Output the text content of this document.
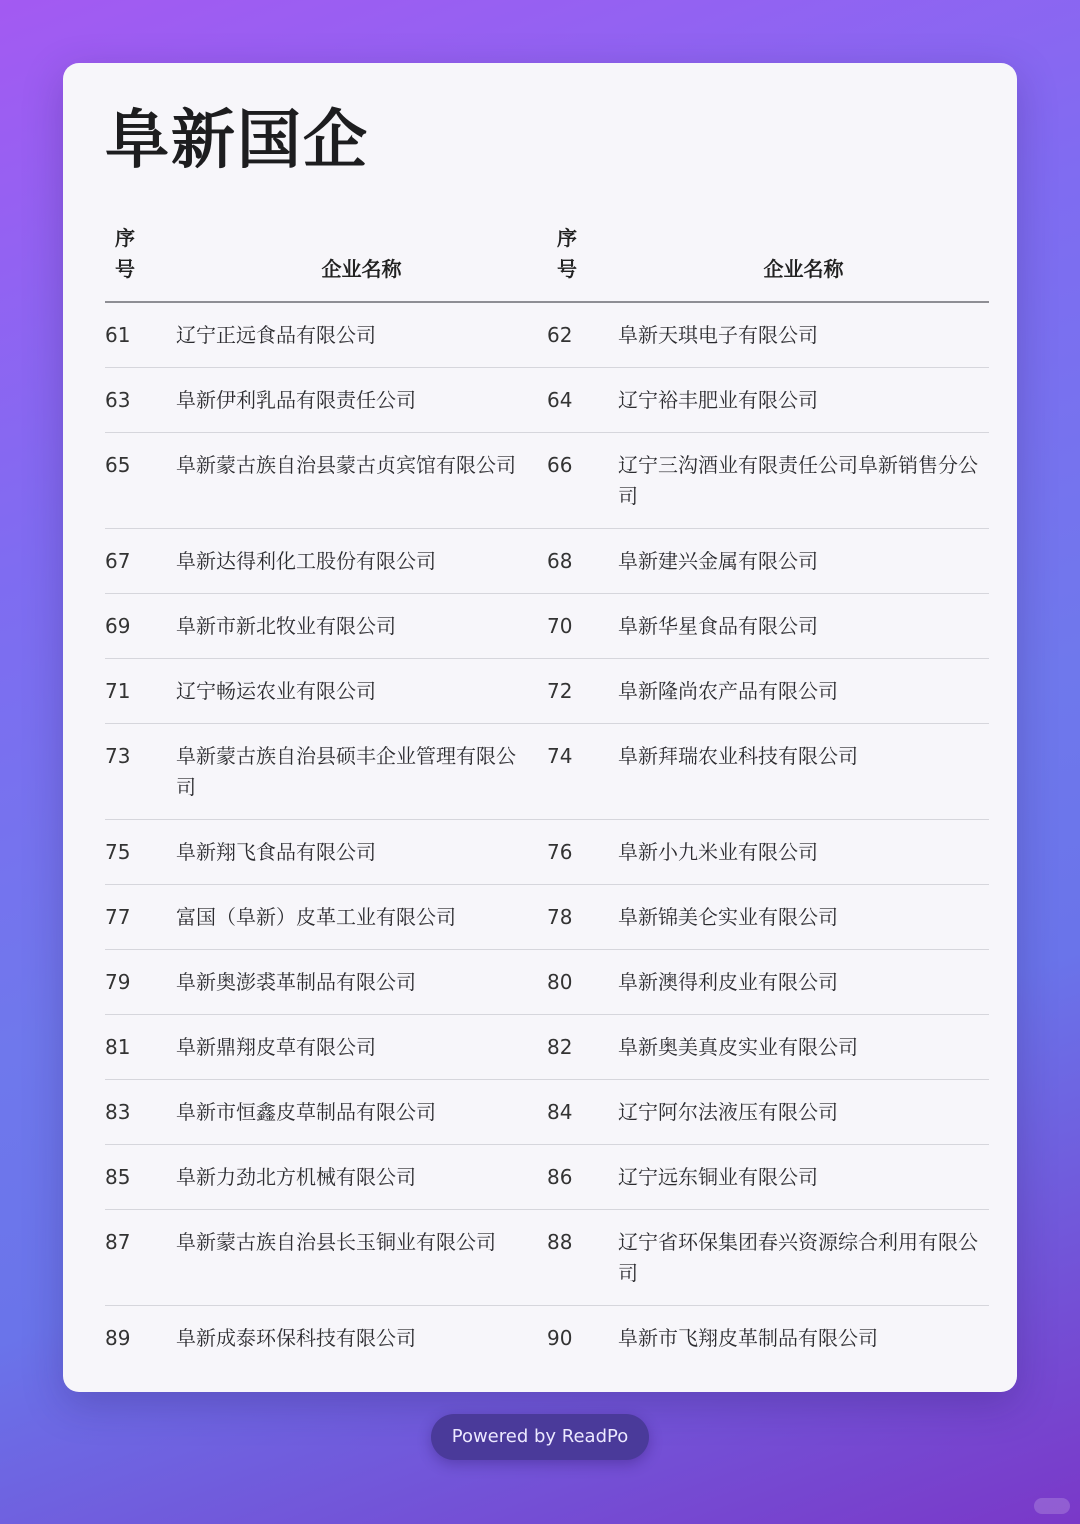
阜新国企
序
号	企业名称	序
号	企业名称
61	辽宁正远食品有限公司	62	阜新天琪电子有限公司
63	阜新伊利乳品有限责任公司	64	辽宁裕丰肥业有限公司
65	阜新蒙古族自治县蒙古贞宾馆有限公司	66	辽宁三沟酒业有限责任公司阜新销售分公司
67	阜新达得利化工股份有限公司	68	阜新建兴金属有限公司
69	阜新市新北牧业有限公司	70	阜新华星食品有限公司
71	辽宁畅运农业有限公司	72	阜新隆尚农产品有限公司
73	阜新蒙古族自治县硕丰企业管理有限公司	74	阜新拜瑞农业科技有限公司
75	阜新翔飞食品有限公司	76	阜新小九米业有限公司
77	富国（阜新）皮革工业有限公司	78	阜新锦美仑实业有限公司
79	阜新奥澎裘革制品有限公司	80	阜新澳得利皮业有限公司
81	阜新鼎翔皮草有限公司	82	阜新奥美真皮实业有限公司
83	阜新市恒鑫皮草制品有限公司	84	辽宁阿尔法液压有限公司
85	阜新力劲北方机械有限公司	86	辽宁远东铜业有限公司
87	阜新蒙古族自治县长玉铜业有限公司	88	辽宁省环保集团春兴资源综合利用有限公司
89	阜新成泰环保科技有限公司	90	阜新市飞翔皮革制品有限公司
Powered by ReadPo
